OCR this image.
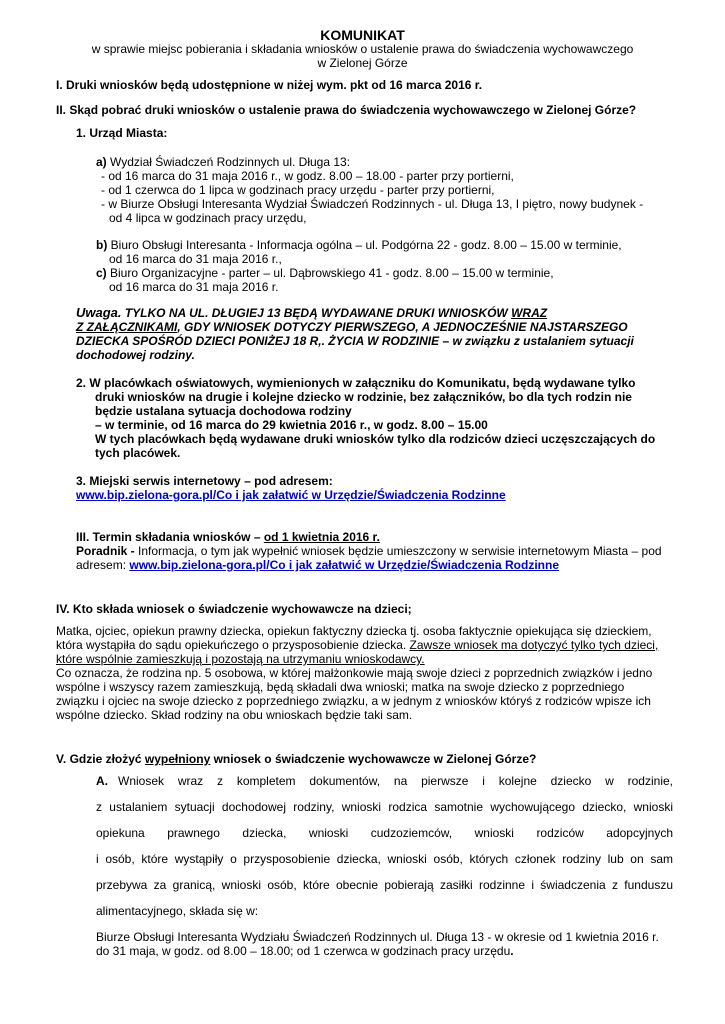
KOMUNIKAT
w sprawie miejsc pobierania i składania wniosków o ustalenie prawa do świadczenia wychowawczego
w Zielonej Górze
I. Druki wniosków będą udostępnione w niżej wym. pkt od 16 marca 2016 r.
II. Skąd pobrać druki wniosków o ustalenie prawa do świadczenia wychowawczego w Zielonej Górze?
1. Urząd Miasta:
a) Wydział Świadczeń Rodzinnych ul. Długa 13:
- od 16 marca do 31 maja 2016 r., w godz. 8.00 – 18.00 - parter przy portierni,
- od 1 czerwca do 1 lipca w godzinach pracy urzędu - parter przy portierni,
- w Biurze Obsługi Interesanta Wydział Świadczeń Rodzinnych - ul. Długa 13, I piętro, nowy budynek -
od 4 lipca w godzinach pracy urzędu,
b) Biuro Obsługi Interesanta - Informacja ogólna – ul. Podgórna 22 - godz. 8.00 – 15.00 w terminie,
od 16 marca do 31 maja 2016 r.,
c) Biuro Organizacyjne - parter – ul. Dąbrowskiego 41 - godz. 8.00 – 15.00 w terminie,
od 16 marca do 31 maja 2016 r.
Uwaga. TYLKO NA UL. DŁUGIEJ 13 BĘDĄ WYDAWANE DRUKI WNIOSKÓW WRAZ
Z ZAŁĄCZNIKAMI, GDY WNIOSEK DOTYCZY PIERWSZEGO, A JEDNOCZEŚNIE NAJSTARSZEGO
DZIECKA SPOŚRÓD DZIECI PONIŻEJ 18 R,. ŻYCIA W RODZINIE – w związku z ustalaniem sytuacji
dochodowej rodziny.
2. W placówkach oświatowych, wymienionych w załączniku do Komunikatu, będą wydawane tylko
druki wniosków na drugie i kolejne dziecko w rodzinie, bez załączników, bo dla tych rodzin nie
będzie ustalana sytuacja dochodowa rodziny
– w terminie, od 16 marca do 29 kwietnia 2016 r., w godz. 8.00 – 15.00
W tych placówkach będą wydawane druki wniosków tylko dla rodziców dzieci uczęszczających do
tych placówek.
3. Miejski serwis internetowy – pod adresem:
www.bip.zielona-gora.pl/Co i jak załatwić w Urzędzie/Świadczenia Rodzinne
III. Termin składania wniosków – od 1 kwietnia 2016 r.
Poradnik - Informacja, o tym jak wypełnić wniosek będzie umieszczony w serwisie internetowym Miasta – pod
adresem: www.bip.zielona-gora.pl/Co i jak załatwić w Urzędzie/Świadczenia Rodzinne
IV. Kto składa wniosek o świadczenie wychowawcze na dzieci;
Matka, ojciec, opiekun prawny dziecka, opiekun faktyczny dziecka tj. osoba faktycznie opiekująca się dzieckiem,
która wystąpiła do sądu opiekuńczego o przysposobienie dziecka. Zawsze wniosek ma dotyczyć tylko tych dzieci,
które wspólnie zamieszkują i pozostają na utrzymaniu wnioskodawcy.
Co oznacza, że rodzina np. 5 osobowa, w której małżonkowie mają swoje dzieci z poprzednich związków i jedno
wspólne i wszyscy razem zamieszkują, będą składali dwa wnioski; matka na swoje dziecko z poprzedniego
związku i ojciec na swoje dziecko z poprzedniego związku, a w jednym z wniosków któryś z rodziców wpisze ich
wspólne dziecko. Skład rodziny na obu wnioskach będzie taki sam.
V. Gdzie złożyć wypełniony wniosek o świadczenie wychowawcze w Zielonej Górze?
A. Wniosek wraz z kompletem dokumentów, na pierwsze i kolejne dziecko w rodzinie,
z ustalaniem sytuacji dochodowej rodziny, wnioski rodzica samotnie wychowującego dziecko, wnioski
opiekuna prawnego dziecka, wnioski cudzoziemców, wnioski rodziców adopcyjnych
i osób, które wystąpiły o przysposobienie dziecka, wnioski osób, których członek rodziny lub on sam
przebywa za granicą, wnioski osób, które obecnie pobierają zasiłki rodzinne i świadczenia z funduszu
alimentacyjnego, składa się w:
Biurze Obsługi Interesanta Wydziału Świadczeń Rodzinnych ul. Długa 13 - w okresie od 1 kwietnia 2016 r.
do 31 maja, w godz. od 8.00 – 18.00; od 1 czerwca w godzinach pracy urzędu.
